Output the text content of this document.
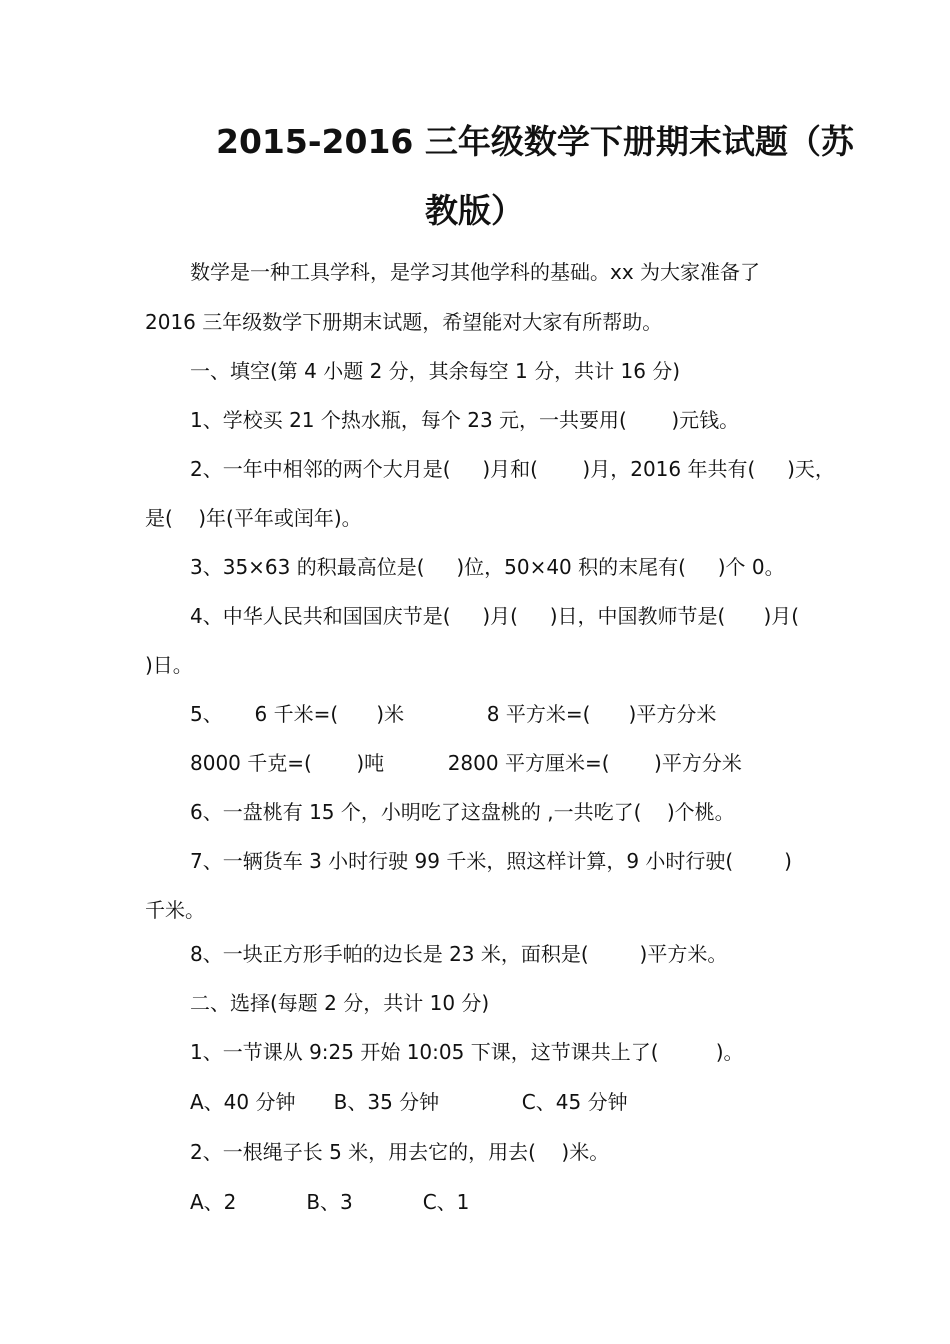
2015-2016 三年级数学下册期末试题（苏
教版）

数学是一种工具学科，是学习其他学科的基础。xx 为大家准备了

2016 三年级数学下册期末试题，希望能对大家有所帮助。

一、填空(第 4 小题 2 分，其余每空 1 分，共计 16 分)

1、学校买 21 个热水瓶，每个 23 元，一共要用(       )元钱。

2、一年中相邻的两个大月是(     )月和(       )月，2016 年共有(     )天，

是(    )年(平年或闰年)。

3、35×63 的积最高位是(     )位，50×40 积的末尾有(     )个 0。

4、中华人民共和国国庆节是(     )月(     )日，中国教师节是(      )月(

)日。

5、     6 千米=(      )米             8 平方米=(      )平方分米

8000 千克=(       )吨          2800 平方厘米=(       )平方分米

6、一盘桃有 15 个，小明吃了这盘桃的 ,一共吃了(    )个桃。

7、一辆货车 3 小时行驶 99 千米，照这样计算，9 小时行驶(        )

千米。

8、一块正方形手帕的边长是 23 米，面积是(        )平方米。

二、选择(每题 2 分，共计 10 分)

1、一节课从 9:25 开始 10:05 下课，这节课共上了(         )。

A、40 分钟      B、35 分钟             C、45 分钟

2、一根绳子长 5 米，用去它的，用去(    )米。

A、2           B、3           C、1
